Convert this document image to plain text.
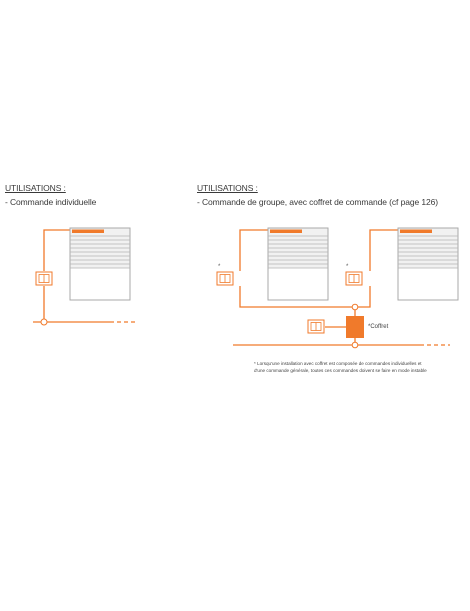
UTILISATIONS :
- Commande individuelle
UTILISATIONS :
- Commande de groupe, avec coffret de commande (cf page 126)
*	*
*Coffret
* Lorsqu'une installation avec coffret est composée de commandes individuelles et
d'une commande générale, toutes ces commandes doivent se faire en mode instable
